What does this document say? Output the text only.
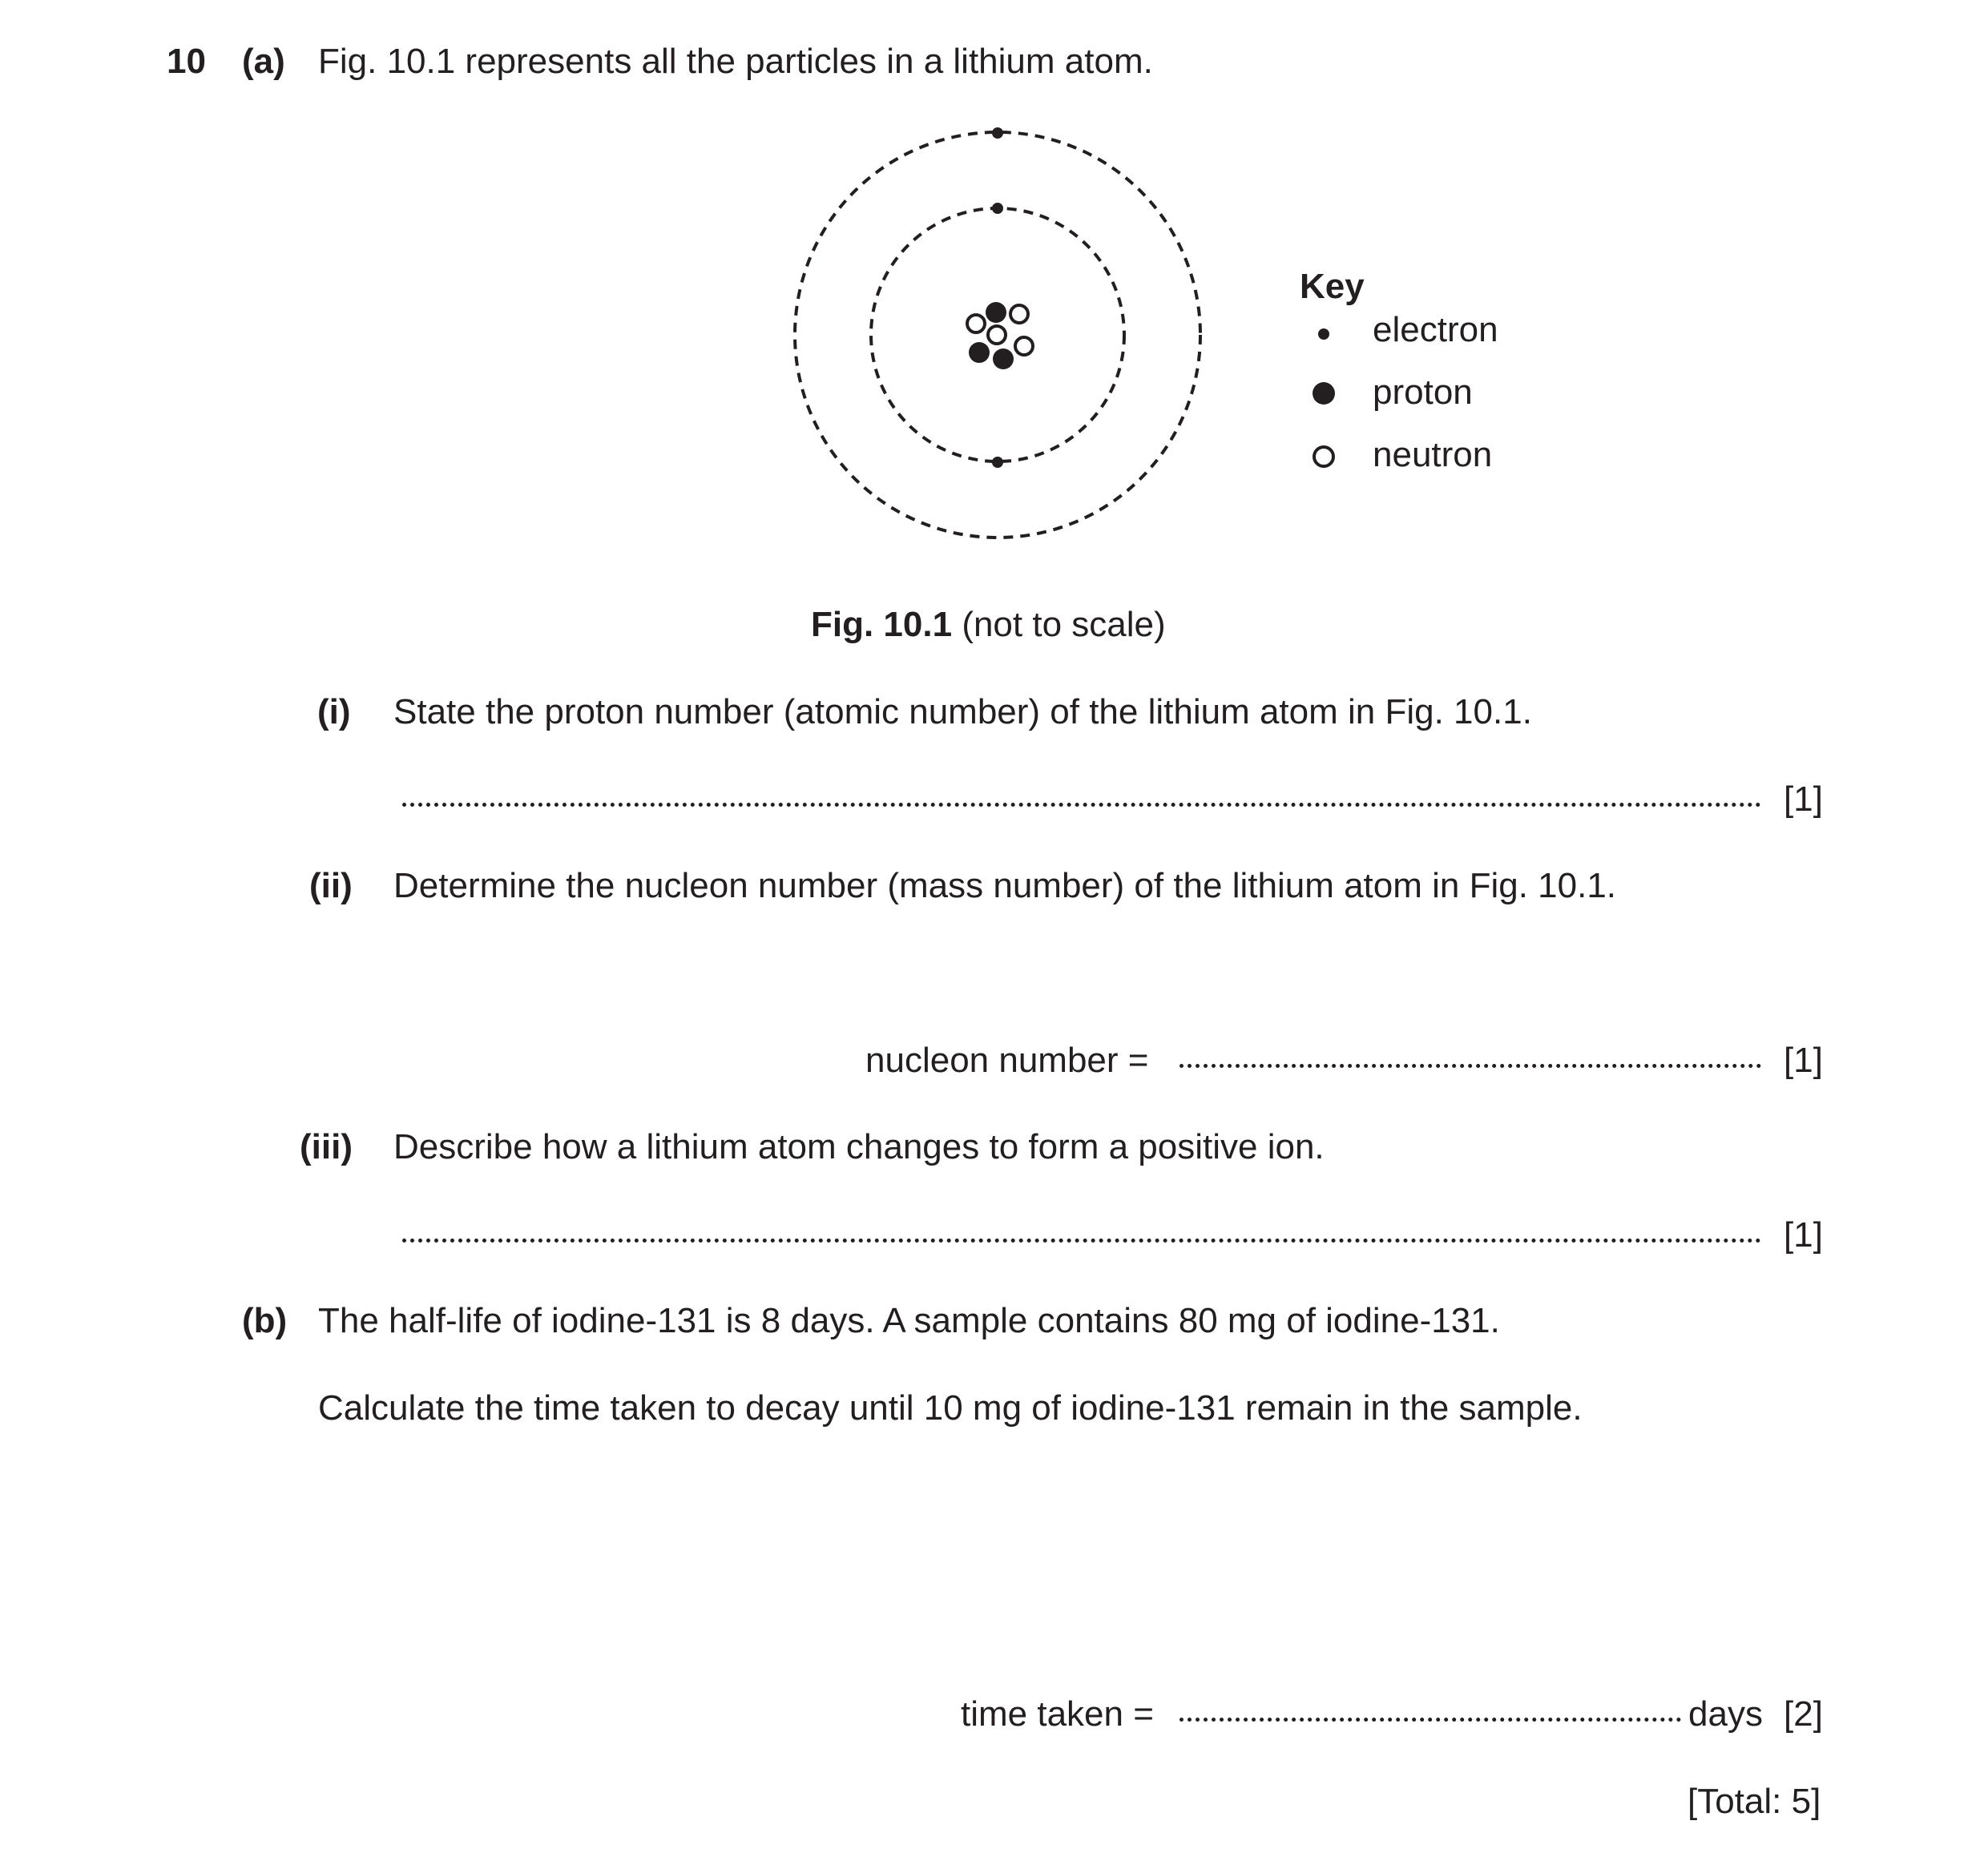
10 (a) Fig. 10.1 represents all the particles in a lithium atom.
Key
electron
proton
neutron
Fig. 10.1 (not to scale)
(i) State the proton number (atomic number) of the lithium atom in Fig. 10.1.
[1]
(ii) Determine the nucleon number (mass number) of the lithium atom in Fig. 10.1.
nucleon number =	[1]
(iii) Describe how a lithium atom changes to form a positive ion.
[1]
(b) The half-life of iodine-131 is 8 days. A sample contains 80 mg of iodine-131.
Calculate the time taken to decay until 10 mg of iodine-131 remain in the sample.
time taken =	days [2]
[Total: 5]
